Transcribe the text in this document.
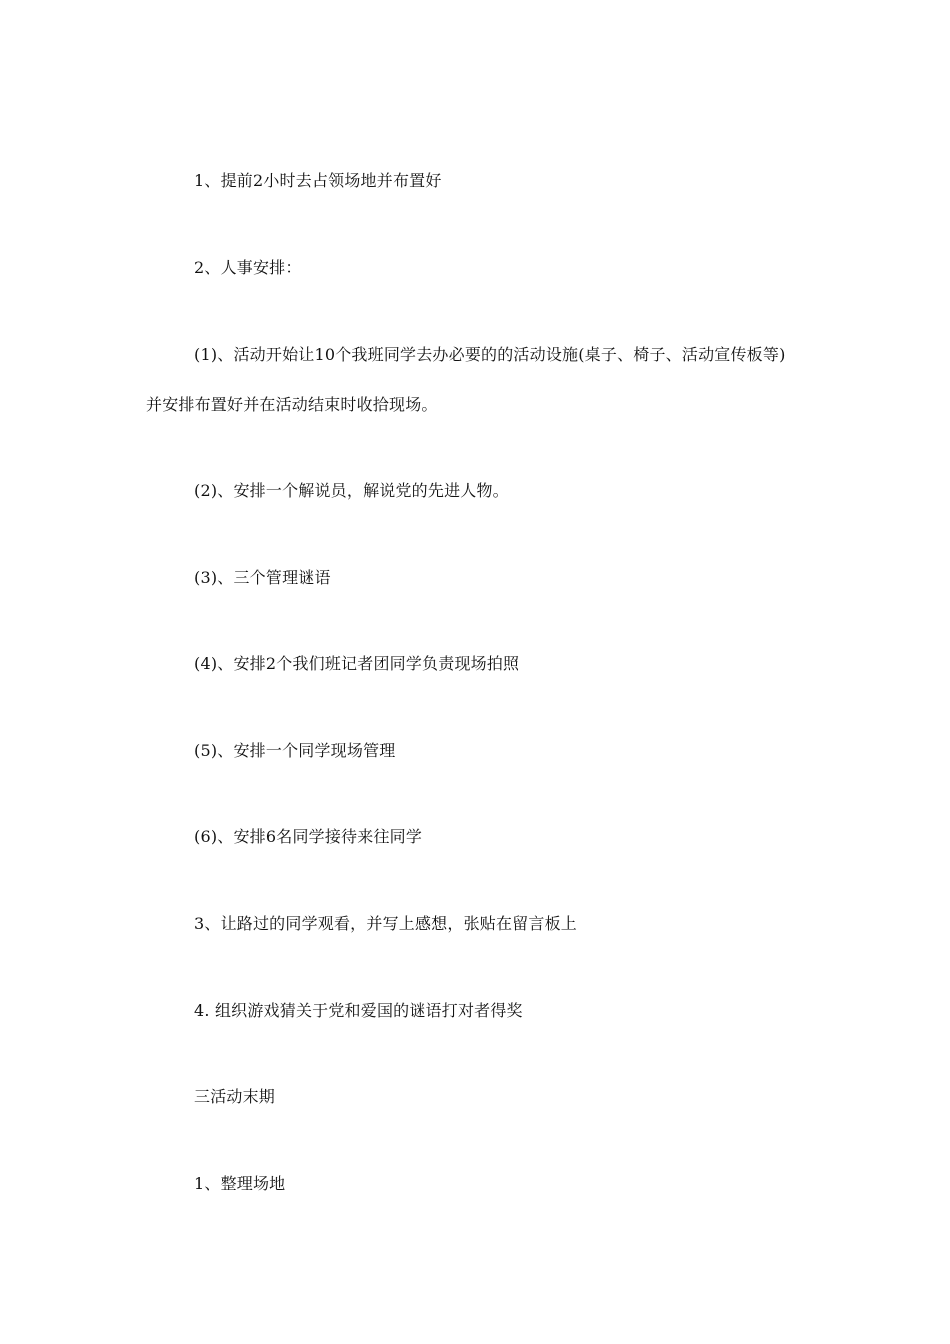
1、提前2小时去占领场地并布置好
2、人事安排：
(1)、活动开始让10个我班同学去办必要的的活动设施(桌子、椅子、活动宣传板等)
并安排布置好并在活动结束时收拾现场。
(2)、安排一个解说员，解说党的先进人物。
(3)、三个管理谜语
(4)、安排2个我们班记者团同学负责现场拍照
(5)、安排一个同学现场管理
(6)、安排6名同学接待来往同学
3、让路过的同学观看，并写上感想，张贴在留言板上
4. 组织游戏猜关于党和爱国的谜语打对者得奖
三活动末期
1、整理场地
